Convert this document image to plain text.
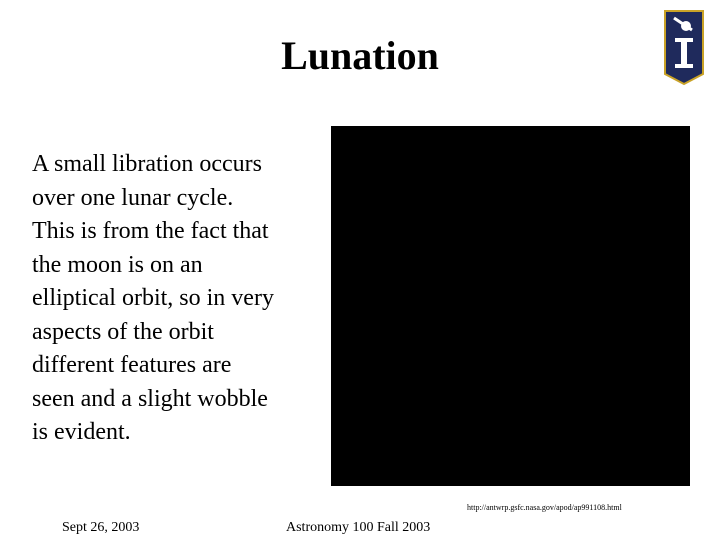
Lunation
A small libration occurs
over one lunar cycle.
This is from the fact that
the moon is on an
elliptical orbit, so in very
aspects of the orbit
different features are
seen and a slight wobble
is evident.
http://antwrp.gsfc.nasa.gov/apod/ap991108.html
Sept 26, 2003	Astronomy 100 Fall 2003
